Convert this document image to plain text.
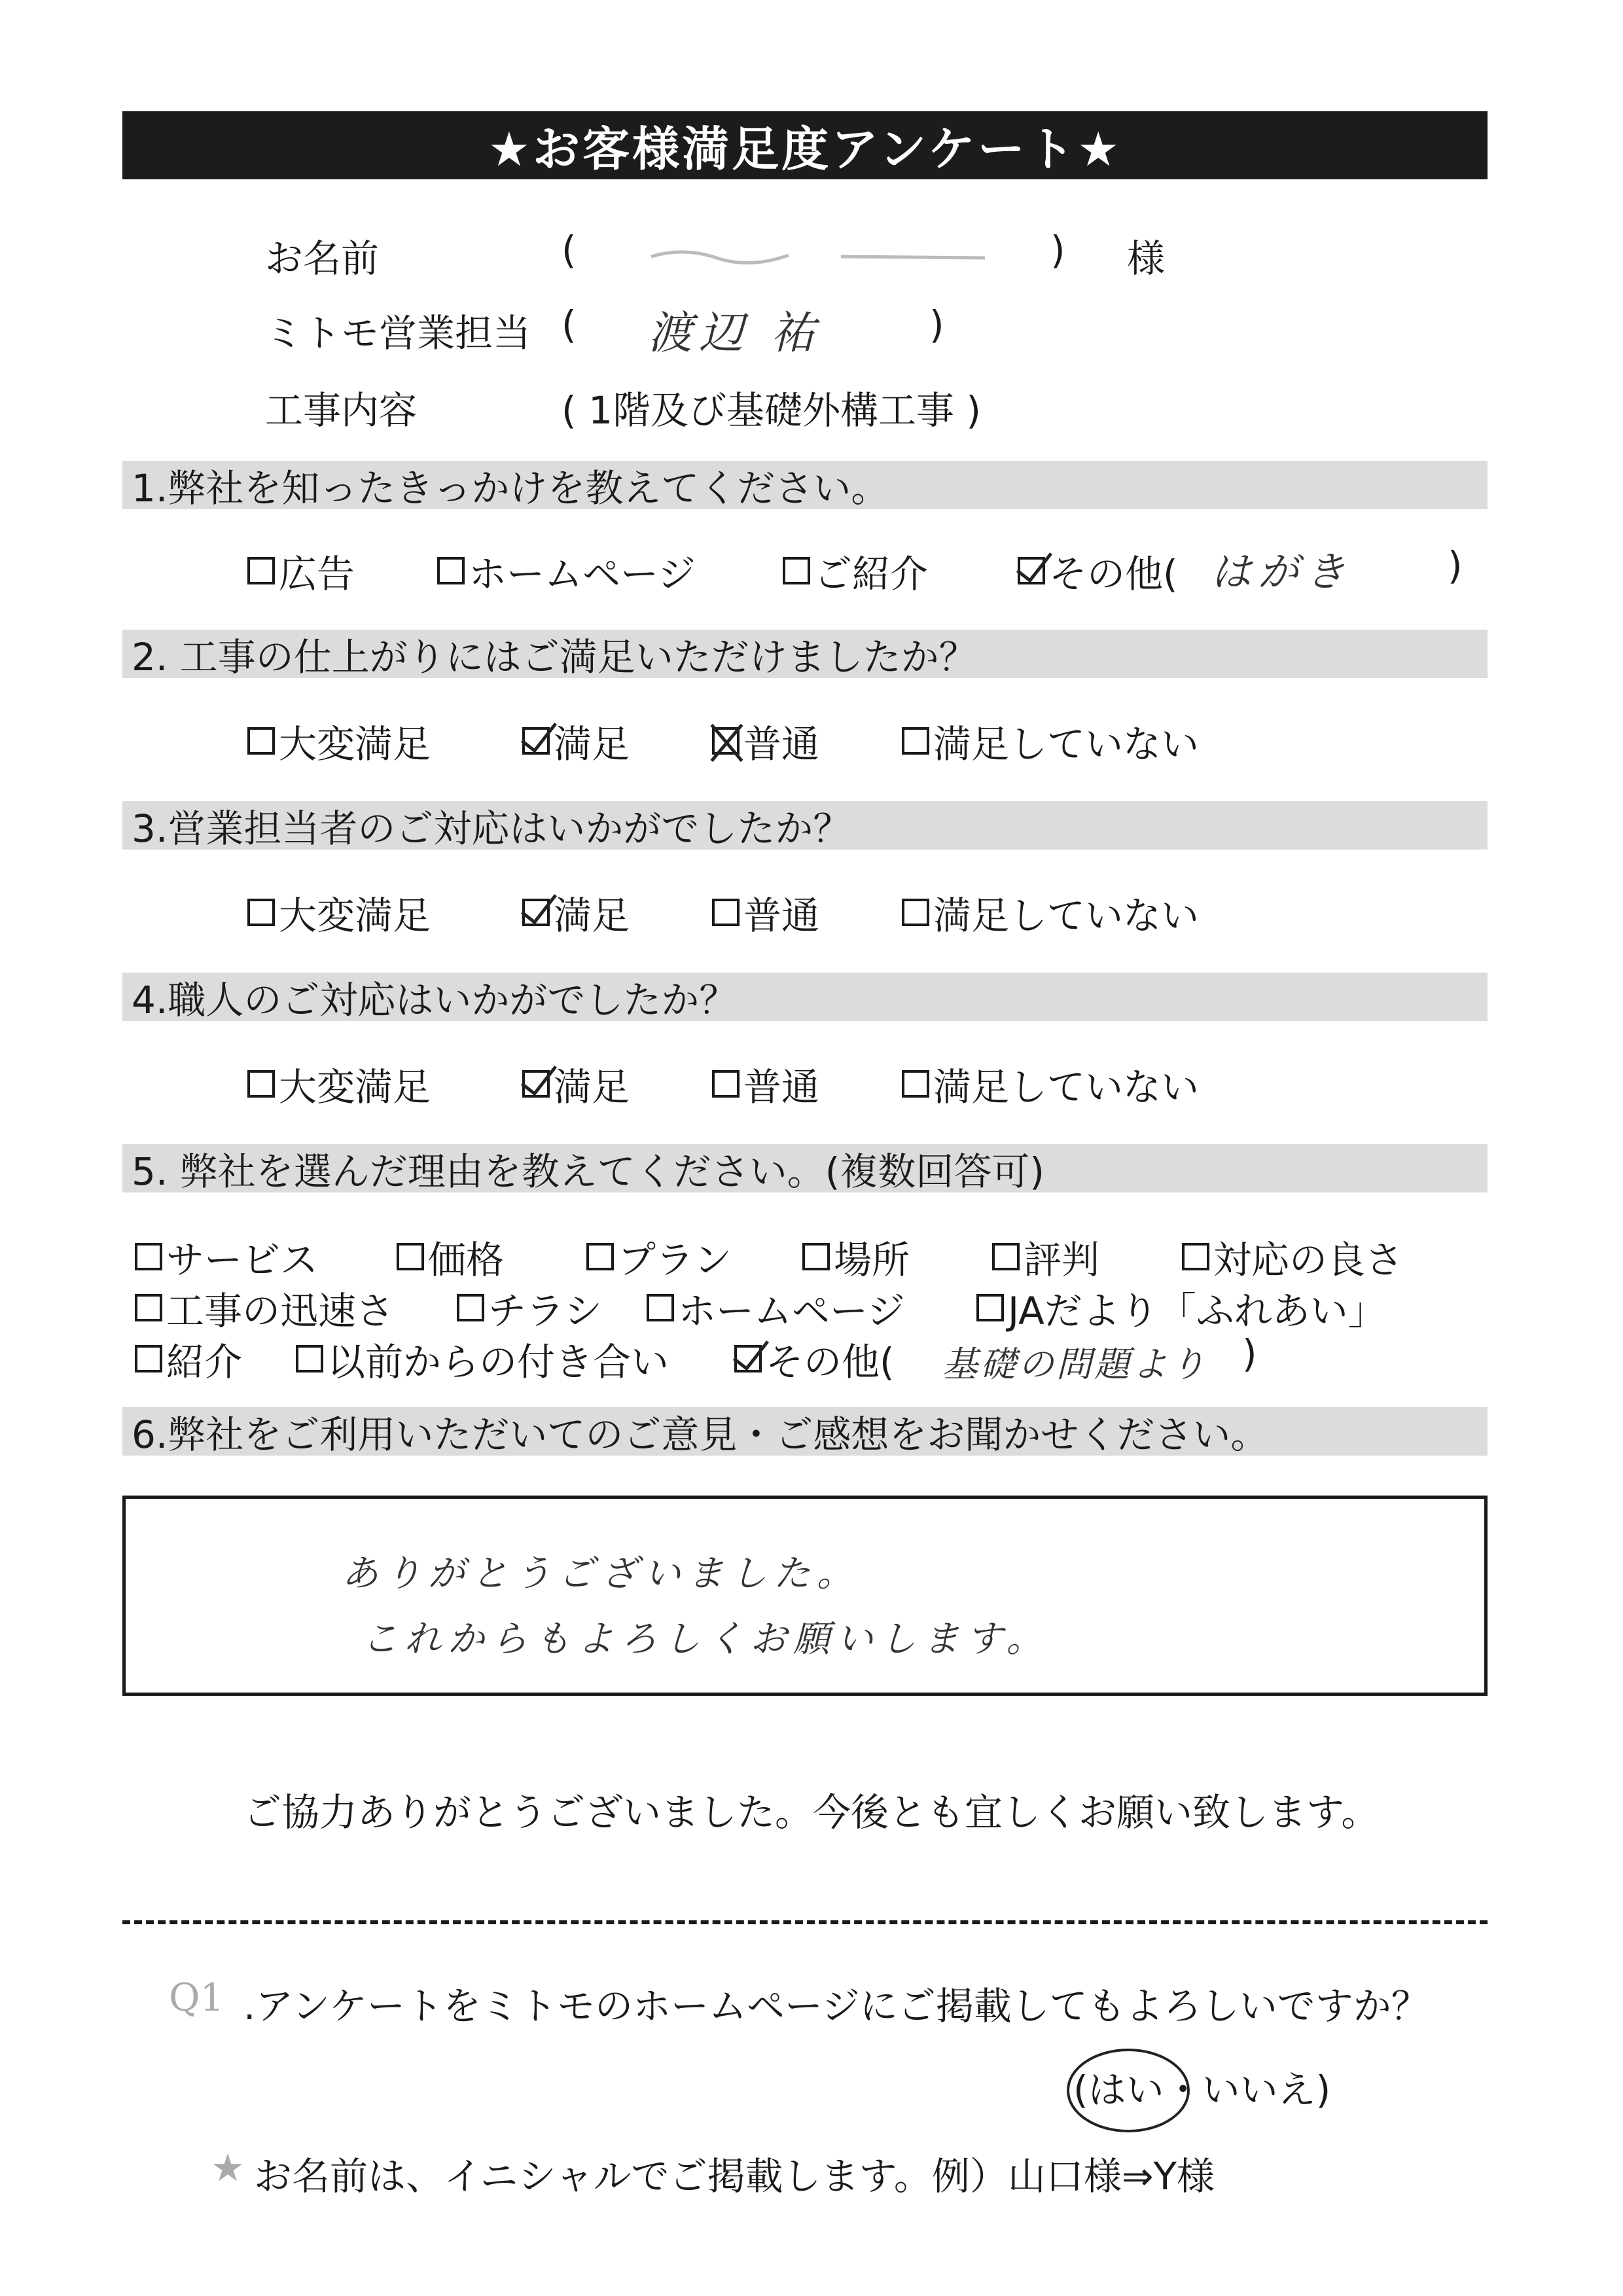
★お客様満足度アンケート★
お名前	(	) 様
ミトモ営業担当 ( 渡辺 祐	)
工事内容	( 1階及び基礎外構工事 )
1.弊社を知ったきっかけを教えてください。
広告	ホームページ	ご紹介	その他( はがき	)
2. 工事の仕上がりにはご満足いただけましたか？
大変満足	満足	普通	満足していない
3.営業担当者のご対応はいかがでしたか？
大変満足	満足	普通	満足していない
4.職人のご対応はいかがでしたか？
大変満足	満足	普通	満足していない
5. 弊社を選んだ理由を教えてください。(複数回答可)
サービス	価格	プラン	場所	評判	対応の良さ
工事の迅速さ チラシ ホームページ	JAだより「ふれあい」
紹介 以前からの付き合い	その他( 基礎の問題より )
6.弊社をご利用いただいてのご意見・ご感想をお聞かせください。
ありがとうございました。
これからもよろしくお願いします。
ご協力ありがとうございました。今後とも宜しくお願い致します。
Q1 .アンケートをミトモのホームページにご掲載してもよろしいですか？
(はい・いいえ)
★ お名前は、イニシャルでご掲載します。例）山口様⇒Y様
